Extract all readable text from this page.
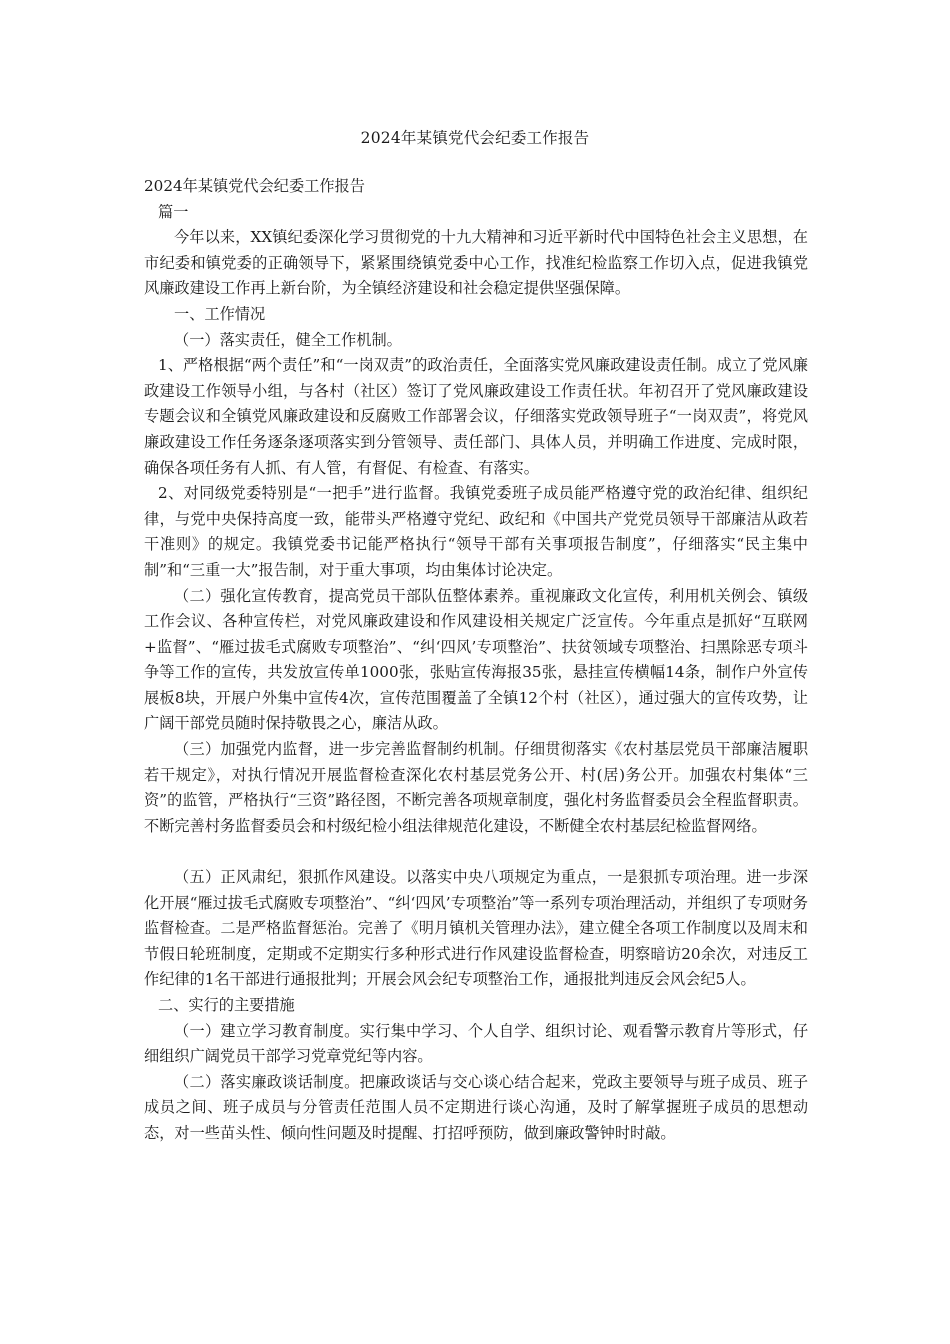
2024年某镇党代会纪委工作报告

2024年某镇党代会纪委工作报告

篇一

今年以来，XX镇纪委深化学习贯彻党的十九大精神和习近平新时代中国特色社会主义思想，在市纪委和镇党委的正确领导下，紧紧围绕镇党委中心工作，找准纪检监察工作切入点，促进我镇党风廉政建设工作再上新台阶，为全镇经济建设和社会稳定提供坚强保障。

一、工作情况

（一）落实责任，健全工作机制。

1、严格根据“两个责任”和“一岗双责”的政治责任，全面落实党风廉政建设责任制。成立了党风廉政建设工作领导小组，与各村（社区）签订了党风廉政建设工作责任状。年初召开了党风廉政建设专题会议和全镇党风廉政建设和反腐败工作部署会议，仔细落实党政领导班子“一岗双责”，将党风廉政建设工作任务逐条逐项落实到分管领导、责任部门、具体人员，并明确工作进度、完成时限，确保各项任务有人抓、有人管，有督促、有检查、有落实。

2、对同级党委特别是“一把手”进行监督。我镇党委班子成员能严格遵守党的政治纪律、组织纪律，与党中央保持高度一致，能带头严格遵守党纪、政纪和《中国共产党党员领导干部廉洁从政若干准则》的规定。我镇党委书记能严格执行“领导干部有关事项报告制度”，仔细落实“民主集中制”和“三重一大”报告制，对于重大事项，均由集体讨论决定。

（二）强化宣传教育，提高党员干部队伍整体素养。重视廉政文化宣传，利用机关例会、镇级工作会议、各种宣传栏，对党风廉政建设和作风建设相关规定广泛宣传。今年重点是抓好“互联网+监督”、“雁过拔毛式腐败专项整治”、“纠‘四风’专项整治”、扶贫领域专项整治、扫黑除恶专项斗争等工作的宣传，共发放宣传单1000张，张贴宣传海报35张，悬挂宣传横幅14条，制作户外宣传展板8块，开展户外集中宣传4次，宣传范围覆盖了全镇12个村（社区），通过强大的宣传攻势，让广阔干部党员随时保持敬畏之心，廉洁从政。

（三）加强党内监督，进一步完善监督制约机制。仔细贯彻落实《农村基层党员干部廉洁履职若干规定》，对执行情况开展监督检查深化农村基层党务公开、村(居)务公开。加强农村集体“三资”的监管，严格执行“三资”路径图，不断完善各项规章制度，强化村务监督委员会全程监督职责。不断完善村务监督委员会和村级纪检小组法律规范化建设，不断健全农村基层纪检监督网络。

（五）正风肃纪，狠抓作风建设。以落实中央八项规定为重点，一是狠抓专项治理。进一步深化开展“雁过拔毛式腐败专项整治”、“纠‘四风’专项整治”等一系列专项治理活动，并组织了专项财务监督检查。二是严格监督惩治。完善了《明月镇机关管理办法》，建立健全各项工作制度以及周末和节假日轮班制度，定期或不定期实行多种形式进行作风建设监督检查，明察暗访20余次，对违反工作纪律的1名干部进行通报批判；开展会风会纪专项整治工作，通报批判违反会风会纪5人。

二、实行的主要措施

（一）建立学习教育制度。实行集中学习、个人自学、组织讨论、观看警示教育片等形式，仔细组织广阔党员干部学习党章党纪等内容。

（二）落实廉政谈话制度。把廉政谈话与交心谈心结合起来，党政主要领导与班子成员、班子成员之间、班子成员与分管责任范围人员不定期进行谈心沟通，及时了解掌握班子成员的思想动态，对一些苗头性、倾向性问题及时提醒、打招呼预防，做到廉政警钟时时敲。
